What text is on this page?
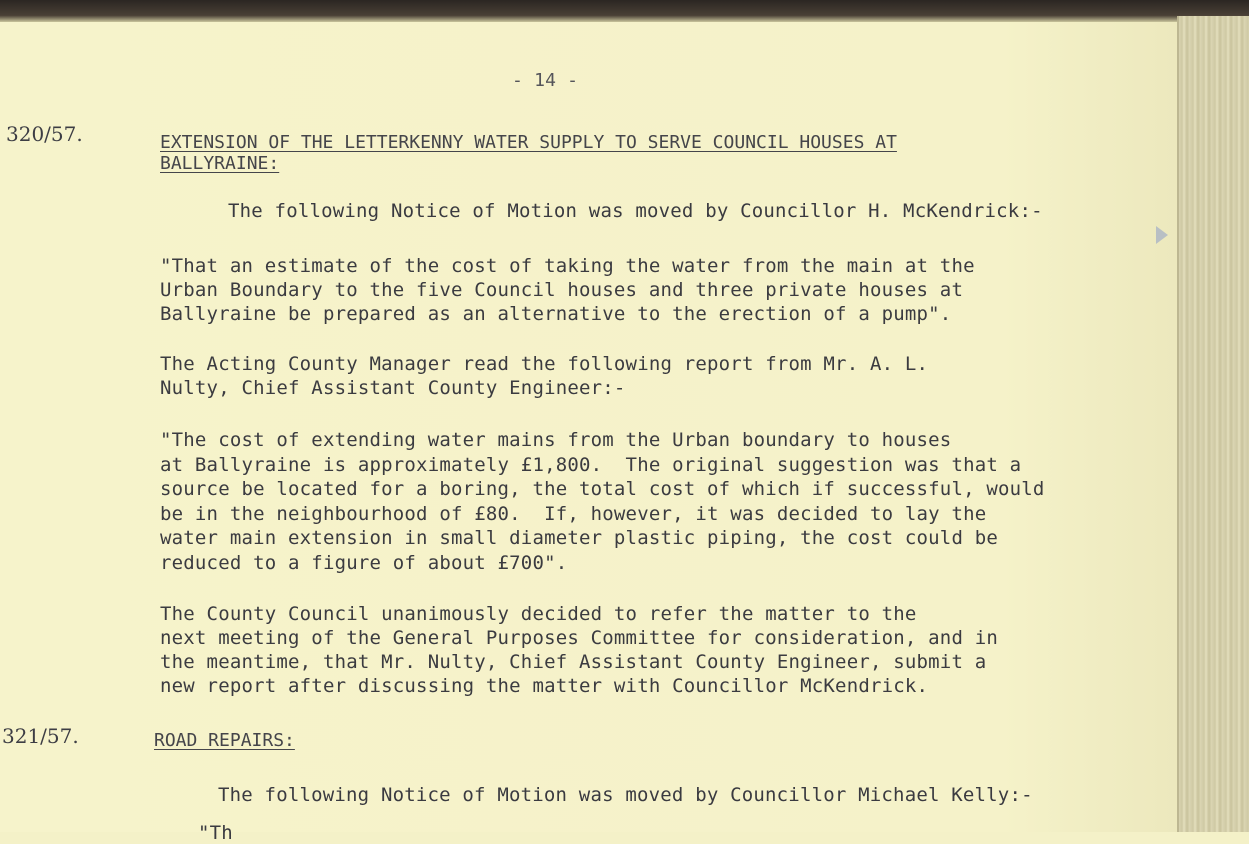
- 14 -
320/57.	EXTENSION OF THE LETTERKENNY WATER SUPPLY TO SERVE COUNCIL HOUSES AT
BALLYRAINE:
The following Notice of Motion was moved by Councillor H. McKendrick:-
"That an estimate of the cost of taking the water from the main at the
Urban Boundary to the five Council houses and three private houses at
Ballyraine be prepared as an alternative to the erection of a pump".
The Acting County Manager read the following report from Mr. A. L.
Nulty, Chief Assistant County Engineer:-
"The cost of extending water mains from the Urban boundary to houses
at Ballyraine is approximately £1,800.  The original suggestion was that a
source be located for a boring, the total cost of which if successful, would
be in the neighbourhood of £80.  If, however, it was decided to lay the
water main extension in small diameter plastic piping, the cost could be
reduced to a figure of about £700".
The County Council unanimously decided to refer the matter to the
next meeting of the General Purposes Committee for consideration, and in
the meantime, that Mr. Nulty, Chief Assistant County Engineer, submit a
new report after discussing the matter with Councillor McKendrick.
321/57.	ROAD REPAIRS:
The following Notice of Motion was moved by Councillor Michael Kelly:-
"Th
